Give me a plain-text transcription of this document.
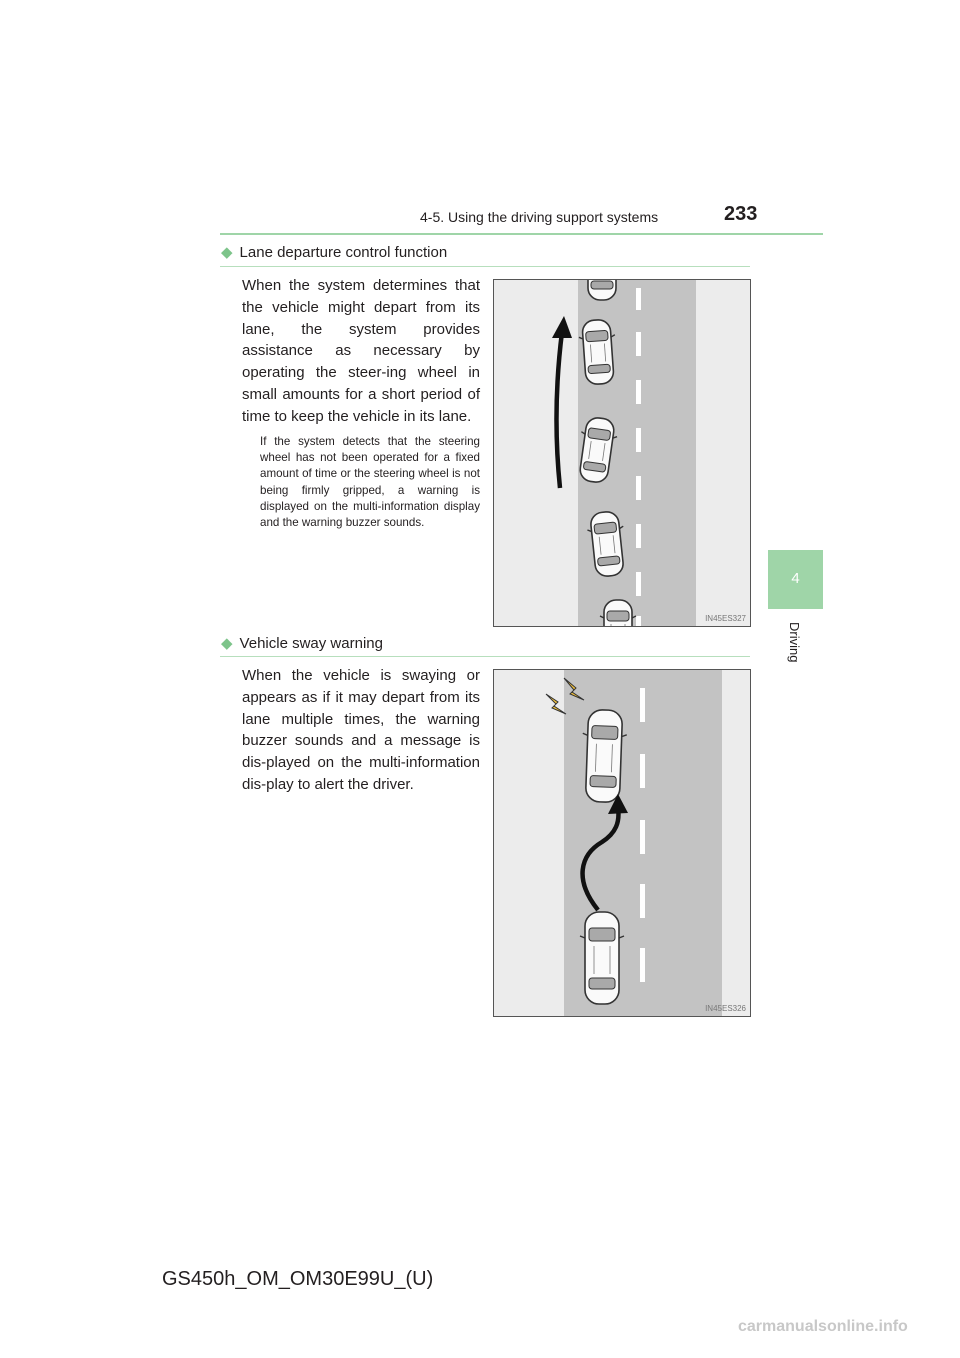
4-5. Using the driving support systems	233
4
Driving
◆ Lane departure control function
When the system determines that the vehicle might depart from its lane, the system provides assistance as necessary by operating the steer-ing wheel in small amounts for a short period of time to keep the vehicle in its lane.
If the system detects that the steering wheel has not been operated for a fixed amount of time or the steering wheel is not being firmly gripped, a warning is displayed on the multi-information display and the warning buzzer sounds.
IN45ES327
◆ Vehicle sway warning
When the vehicle is swaying or appears as if it may depart from its lane multiple times, the warning buzzer sounds and a message is dis-played on the multi-information dis-play to alert the driver.
IN45ES326
GS450h_OM_OM30E99U_(U)
carmanualsonline.info
